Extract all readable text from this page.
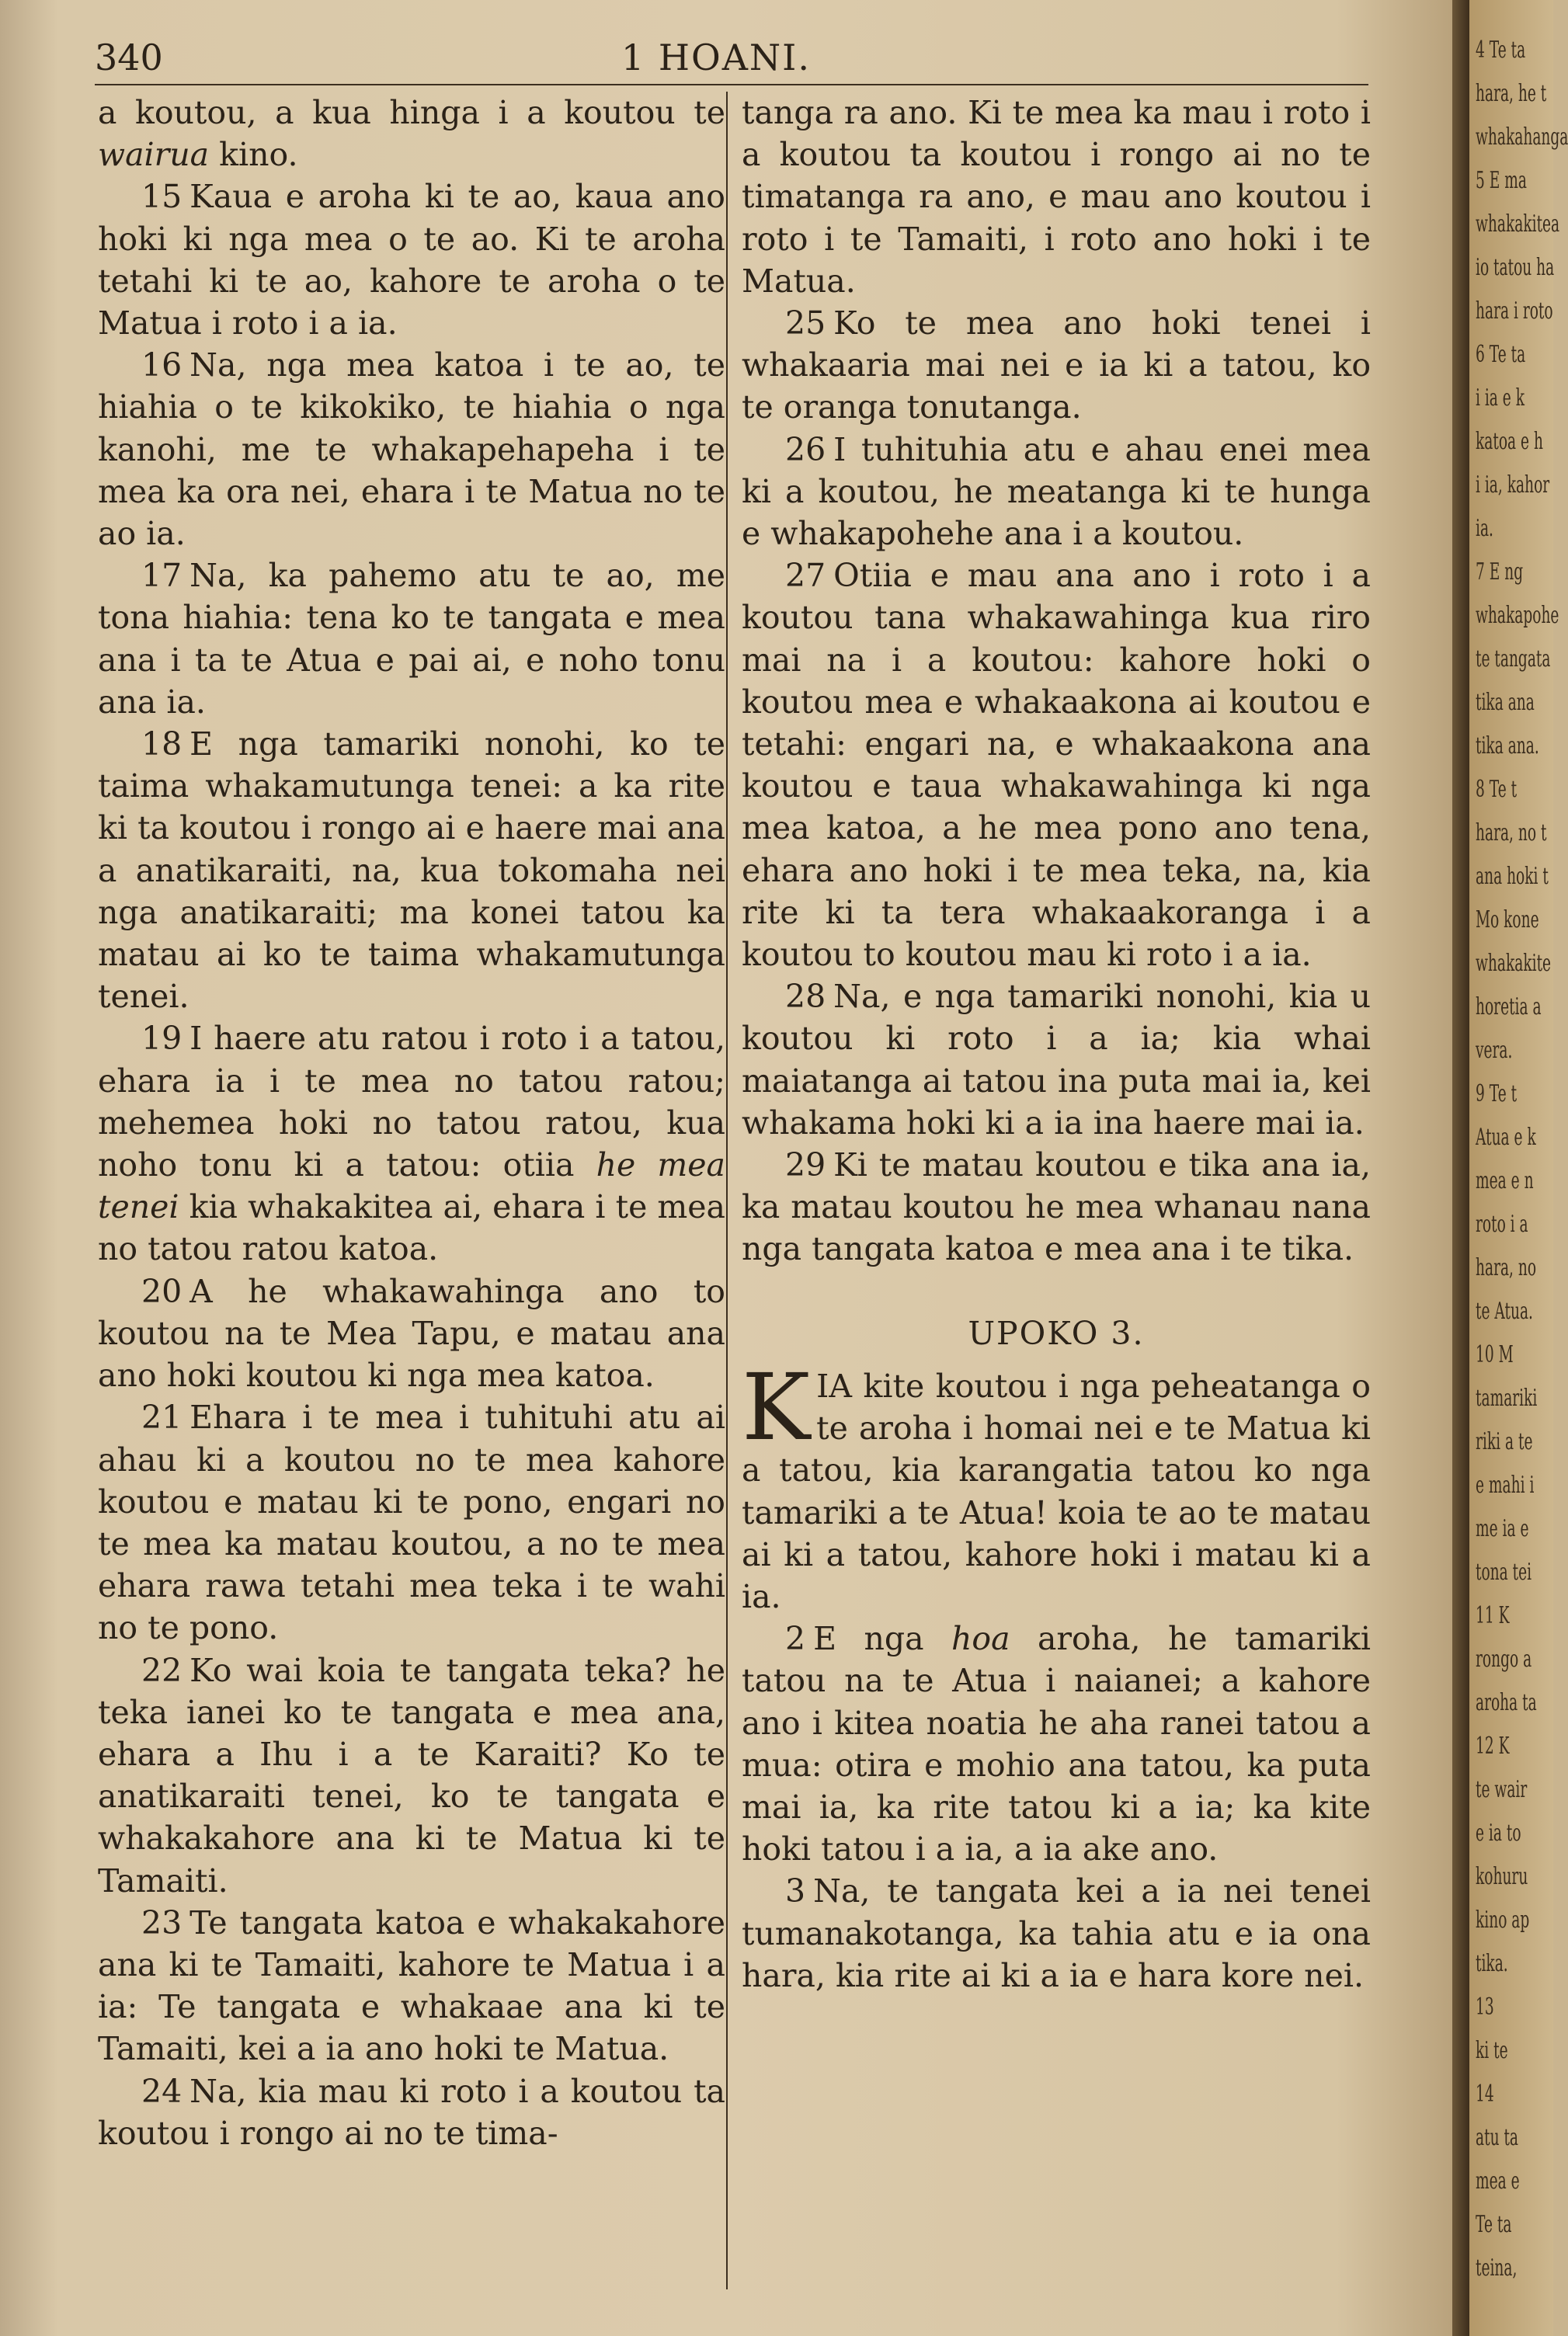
340	1 HOANI.

a koutou, a kua hinga i a koutou te wairua kino.

15 Kaua e aroha ki te ao, kaua ano hoki ki nga mea o te ao. Ki te aroha tetahi ki te ao, kahore te aroha o te Matua i roto i a ia.

16 Na, nga mea katoa i te ao, te hiahia o te kikokiko, te hiahia o nga kanohi, me te whakapehapeha i te mea ka ora nei, ehara i te Matua no te ao ia.

17 Na, ka pahemo atu te ao, me tona hiahia: tena ko te tangata e mea ana i ta te Atua e pai ai, e noho tonu ana ia.

18 E nga tamariki nonohi, ko te taima whakamutunga tenei: a ka rite ki ta koutou i rongo ai e haere mai ana a anatikaraiti, na, kua tokomaha nei nga anatikaraiti; ma konei tatou ka matau ai ko te taima whakamutunga tenei.

19 I haere atu ratou i roto i a tatou, ehara ia i te mea no tatou ratou; mehemea hoki no tatou ratou, kua noho tonu ki a tatou: otiia he mea tenei kia whakakitea ai, ehara i te mea no tatou ratou katoa.

20 A he whakawahinga ano to koutou na te Mea Tapu, e matau ana ano hoki koutou ki nga mea katoa.

21 Ehara i te mea i tuhituhi atu ai ahau ki a koutou no te mea kahore koutou e matau ki te pono, engari no te mea ka matau koutou, a no te mea ehara rawa tetahi mea teka i te wahi no te pono.

22 Ko wai koia te tangata teka? he teka ianei ko te tangata e mea ana, ehara a Ihu i a te Karaiti? Ko te anatikaraiti tenei, ko te tangata e whakakahore ana ki te Matua ki te Tamaiti.

23 Te tangata katoa e whakakahore ana ki te Tamaiti, kahore te Matua i a ia: Te tangata e whakaae ana ki te Tamaiti, kei a ia ano hoki te Matua.

24 Na, kia mau ki roto i a koutou ta koutou i rongo ai no te tima-

tanga ra ano. Ki te mea ka mau i roto i a koutou ta koutou i rongo ai no te timatanga ra ano, e mau ano koutou i roto i te Tamaiti, i roto ano hoki i te Matua.

25 Ko te mea ano hoki tenei i whakaaria mai nei e ia ki a tatou, ko te oranga tonutanga.

26 I tuhituhia atu e ahau enei mea ki a koutou, he meatanga ki te hunga e whakapohehe ana i a koutou.

27 Otiia e mau ana ano i roto i a koutou tana whakawahinga kua riro mai na i a koutou: kahore hoki o koutou mea e whakaakona ai koutou e tetahi: engari na, e whakaakona ana koutou e taua whakawahinga ki nga mea katoa, a he mea pono ano tena, ehara ano hoki i te mea teka, na, kia rite ki ta tera whakaakoranga i a koutou to koutou mau ki roto i a ia.

28 Na, e nga tamariki nonohi, kia u koutou ki roto i a ia; kia whai maiatanga ai tatou ina puta mai ia, kei whakama hoki ki a ia ina haere mai ia.

29 Ki te matau koutou e tika ana ia, ka matau koutou he mea whanau nana nga tangata katoa e mea ana i te tika.

UPOKO 3.

KIA kite koutou i nga peheatanga o te aroha i homai nei e te Matua ki a tatou, kia karangatia tatou ko nga tamariki a te Atua! koia te ao te matau ai ki a tatou, kahore hoki i matau ki a ia.

2 E nga hoa aroha, he tamariki tatou na te Atua i naianei; a kahore ano i kitea noatia he aha ranei tatou a mua: otira e mohio ana tatou, ka puta mai ia, ka rite tatou ki a ia; ka kite hoki tatou i a ia, a ia ake ano.

3 Na, te tangata kei a ia nei tenei tumanakotanga, ka tahia atu e ia ona hara, kia rite ai ki a ia e hara kore nei.

4 Te ta
hara, he t
whakahanga
5 E ma
whakakitea
io tatou ha
hara i roto
6 Te ta
i ia e k
katoa e h
i ia, kahor
ia.
7 E ng
whakapohe
te tangata
tika ana
tika ana.
8 Te t
hara, no t
ana hoki t
Mo kone
whakakite
horetia a
vera.
9 Te t
Atua e k
mea e n
roto i a
hara, no
te Atua.
10 M
tamariki
riki a te
e mahi i
me ia e
tona tei
11 K
rongo a
aroha ta
12 K
te wair
e ia to
kohuru
kino ap
tika.
13
ki te
14
atu ta
mea e
Te ta
teina,
